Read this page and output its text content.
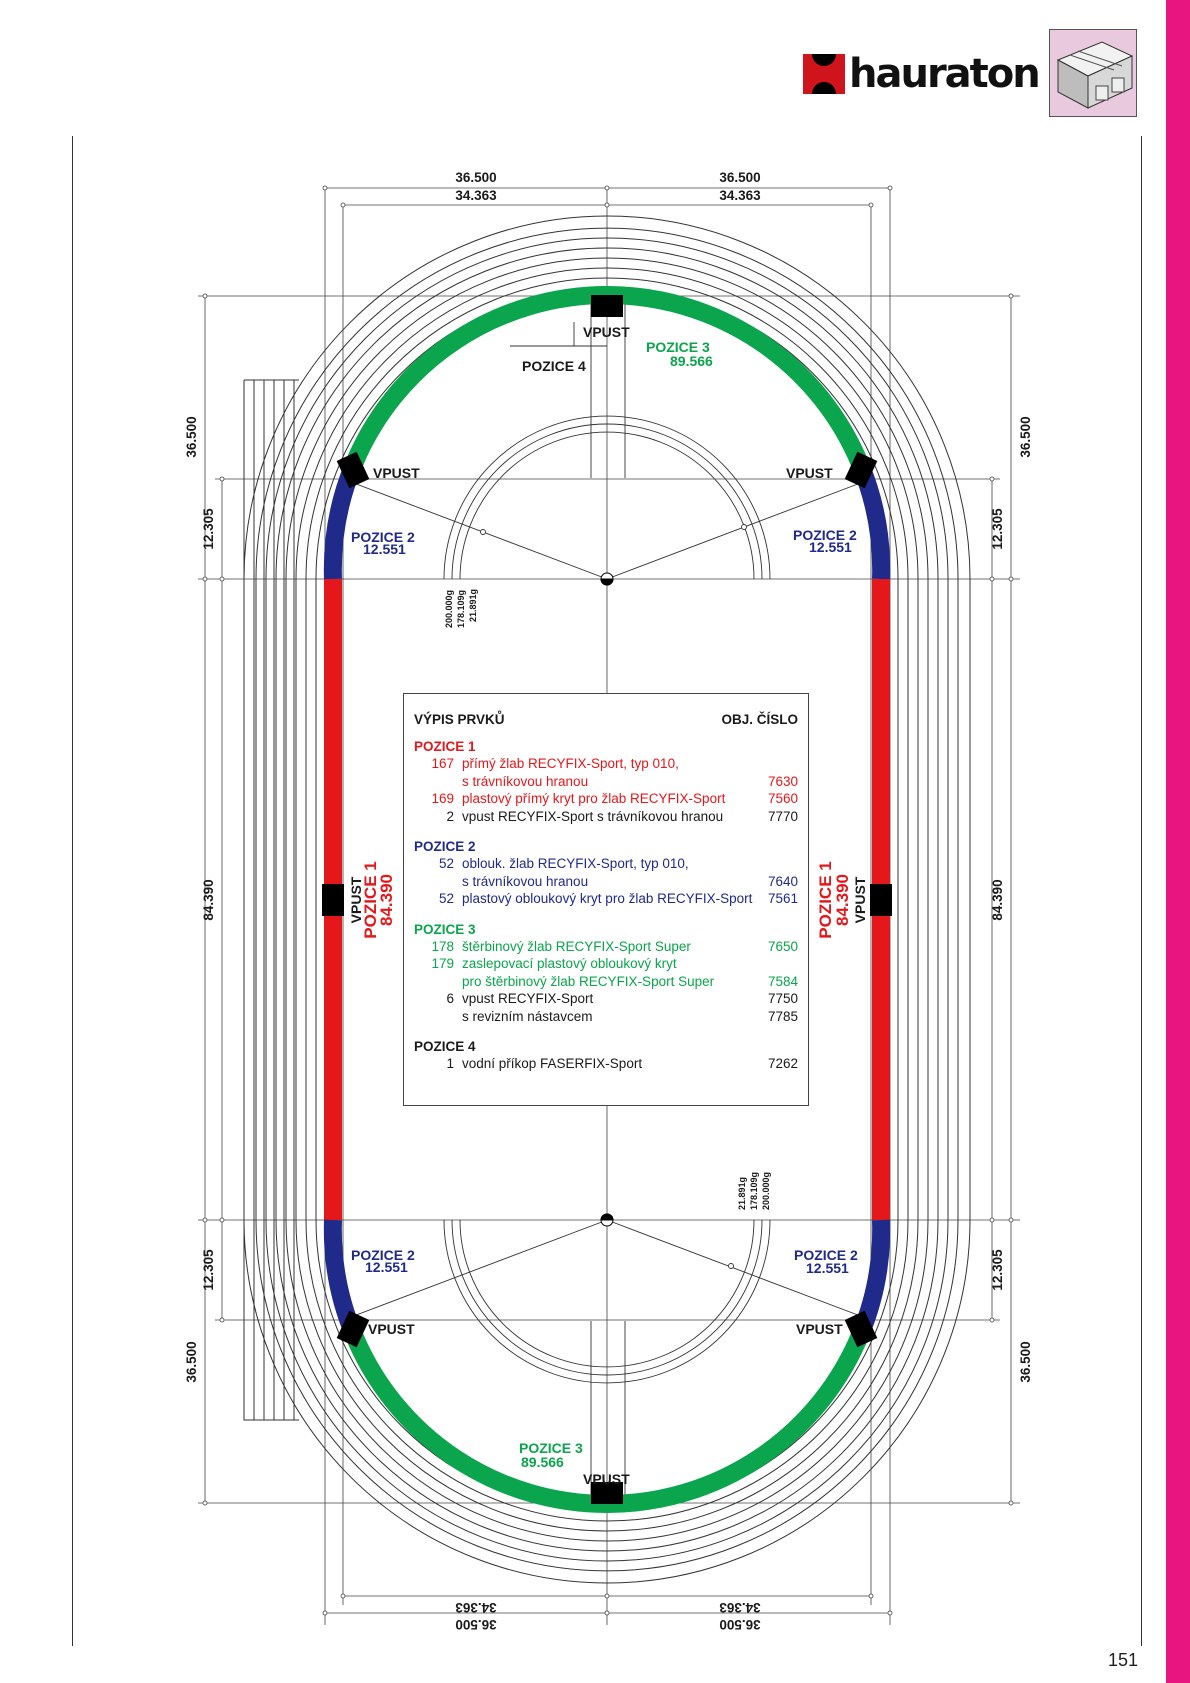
hauraton
36.500	36.500
34.363	34.363
34.363	34.363
36.500	36.500
36.500
12.305
84.390
12.305
36.500
36.500
12.305
84.390
12.305
36.500
200.000g 178.109g 21.891g
21.891g 178.109g 200.000g
VPUST
VPUST	VPUST
VPUST	VPUST
VPUST
VPUST	VPUST
POZICE 4
POZICE 3
89.566
POZICE 3
89.566
POZICE 2
12.551
POZICE 2
12.551
POZICE 2
12.551
POZICE 2
12.551
POZICE 1
84.390	POZICE 1
84.390
VÝPIS PRVKŮ	OBJ. ČÍSLO
POZICE 1
167 přímý žlab RECYFIX-Sport, typ 010,
s trávníkovou hranou	7630
169 plastový přímý kryt pro žlab RECYFIX-Sport	7560
2 vpust RECYFIX-Sport s trávníkovou hranou	7770
POZICE 2
52 oblouk. žlab RECYFIX-Sport, typ 010,
s trávníkovou hranou	7640
52 plastový obloukový kryt pro žlab RECYFIX-Sport	7561
POZICE 3
178 štěrbinový žlab RECYFIX-Sport Super	7650
179 zaslepovací plastový obloukový kryt
pro štěrbinový žlab RECYFIX-Sport Super	7584
6 vpust RECYFIX-Sport	7750
s revizním nástavcem	7785
POZICE 4
1 vodní příkop FASERFIX-Sport	7262
151
